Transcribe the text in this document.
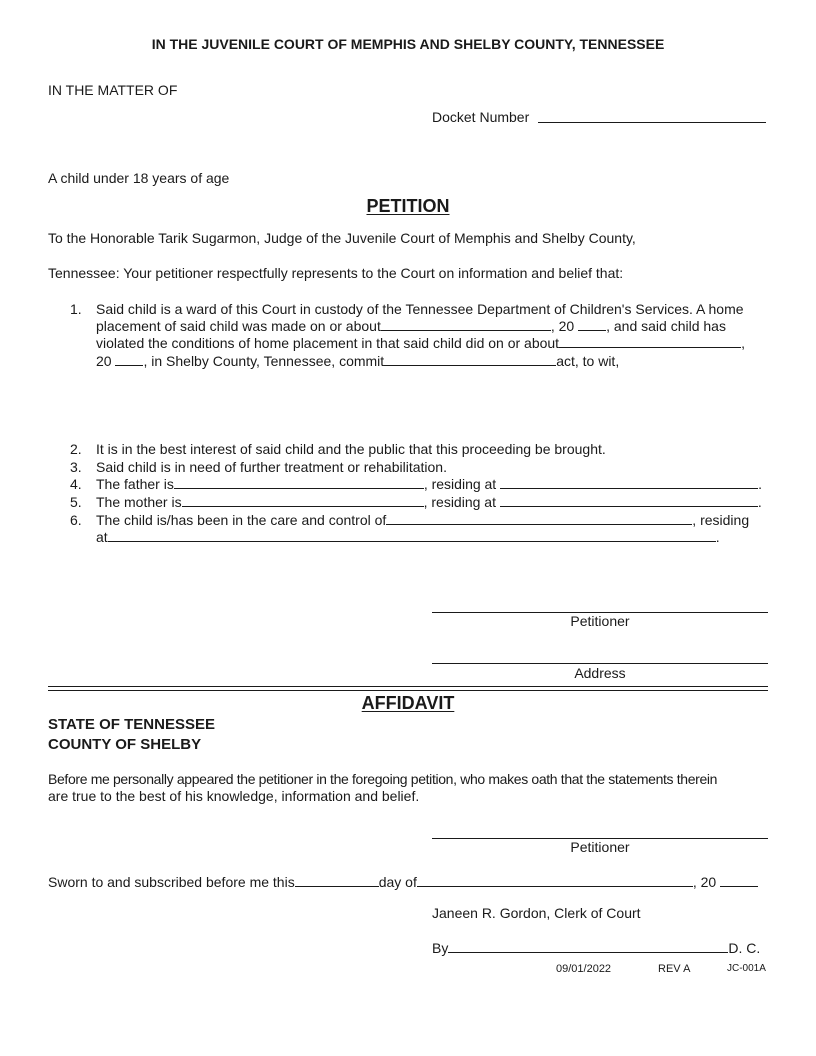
IN THE JUVENILE COURT OF MEMPHIS AND SHELBY COUNTY, TENNESSEE
IN THE MATTER OF
Docket Number
A child under 18 years of age
PETITION
To the Honorable Tarik Sugarmon, Judge of the Juvenile Court of Memphis and Shelby County,
Tennessee: Your petitioner respectfully represents to the Court on information and belief that:
1. Said child is a ward of this Court in custody of the Tennessee Department of Children's Services. A home
placement of said child was made on or about	, 20 , and said child has
violated the conditions of home placement in that said child did on or about	,
20 , in Shelby County, Tennessee, commit	act, to wit,
2. It is in the best interest of said child and the public that this proceeding be brought.
3. Said child is in need of further treatment or rehabilitation.
4. The father is	, residing at	.
5. The mother is	, residing at	.
6. The child is/has been in the care and control of	, residing
at	.
Petitioner
Address
AFFIDAVIT
STATE OF TENNESSEE
COUNTY OF SHELBY
Before me personally appeared the petitioner in the foregoing petition, who makes oath that the statements therein
are true to the best of his knowledge, information and belief.
Petitioner
Sworn to and subscribed before me this	day of	, 20
Janeen R. Gordon, Clerk of Court
By	D. C.
09/01/2022	REV A	JC-001A
